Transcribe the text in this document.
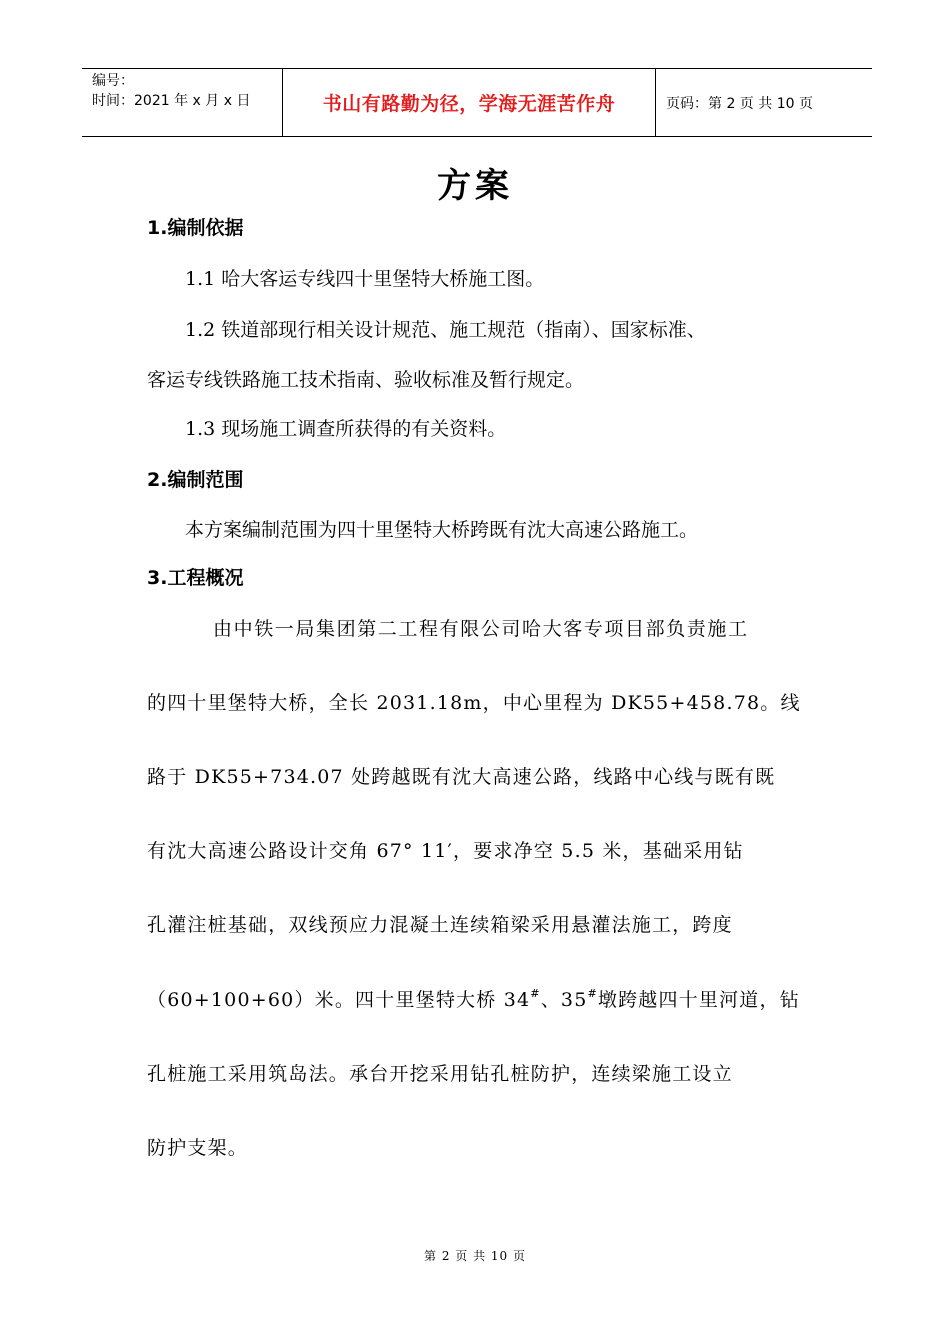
编号：
时间：2021 年 x 月 x 日	书山有路勤为径，学海无涯苦作舟	页码：第 2 页 共 10 页
方案
1.编制依据
1.1 哈大客运专线四十里堡特大桥施工图。
1.2 铁道部现行相关设计规范、施工规范（指南）、国家标准、
客运专线铁路施工技术指南、验收标准及暂行规定。
1.3 现场施工调查所获得的有关资料。
2.编制范围
本方案编制范围为四十里堡特大桥跨既有沈大高速公路施工。
3.工程概况
由中铁一局集团第二工程有限公司哈大客专项目部负责施工
的四十里堡特大桥，全长 2031.18m，中心里程为 DK55+458.78。线
路于 DK55+734.07 处跨越既有沈大高速公路，线路中心线与既有既
有沈大高速公路设计交角 67° 11′，要求净空 5.5 米，基础采用钻
孔灌注桩基础，双线预应力混凝土连续箱梁采用悬灌法施工，跨度
（60+100+60）米。四十里堡特大桥 34#、35#墩跨越四十里河道，钻
孔桩施工采用筑岛法。承台开挖采用钻孔桩防护，连续梁施工设立
防护支架。
第 2 页 共 10 页
